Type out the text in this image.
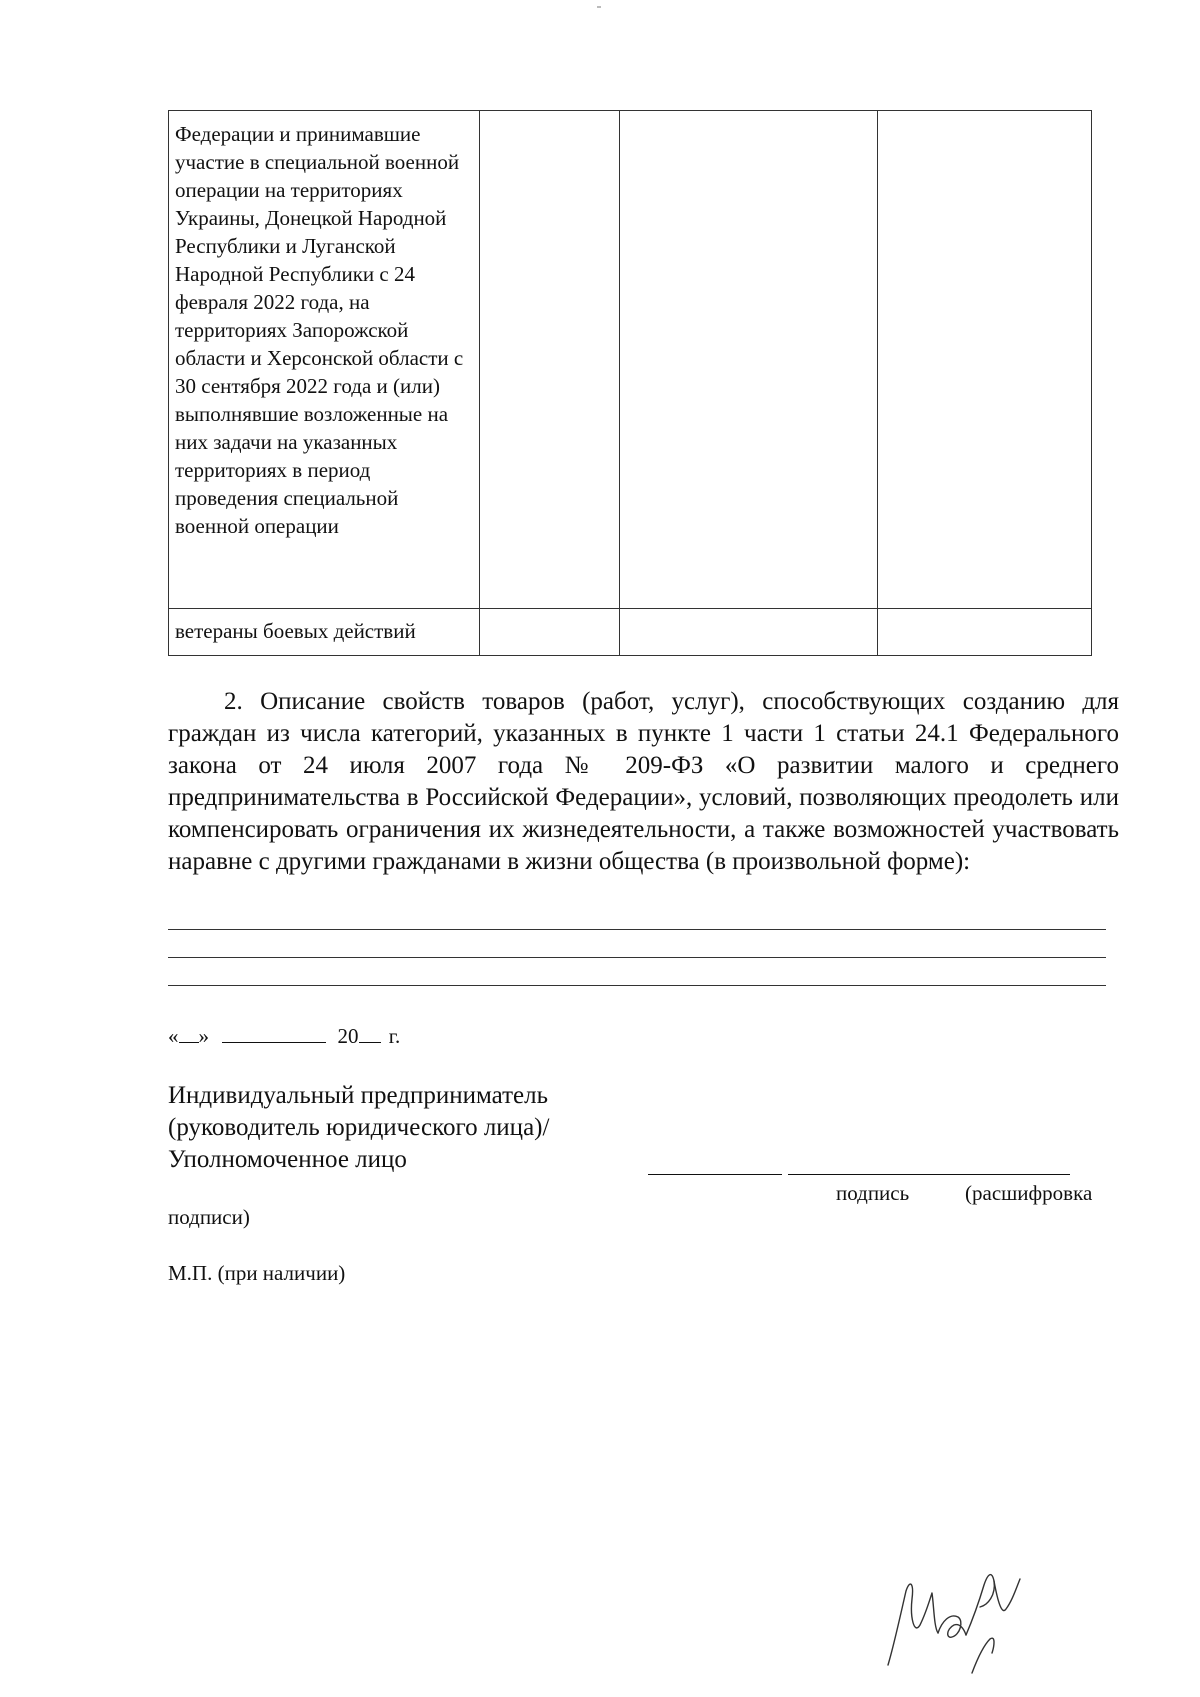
Федерации и принимавшие участие в специальной военной операции на территориях Украины, Донецкой Народной Республики и Луганской Народной Республики с 24 февраля 2022 года, на территориях Запорожской области и Херсонской области с 30 сентября 2022 года и (или) выполнявшие возложенные на них задачи на указанных территориях в период проведения специальной военной операции			

ветераны боевых действий			

2. Описание свойств товаров (работ, услуг), способствующих созданию для граждан из числа категорий, указанных в пункте 1 части 1 статьи 24.1 Федерального закона от 24 июля 2007 года № 209-ФЗ «О развитии малого и среднего предпринимательства в Российской Федерации», условий, позволяющих преодолеть или компенсировать ограничения их жизнедеятельности, а также возможностей участвовать наравне с другими гражданами в жизни общества (в произвольной форме):
« »	20 г.
Индивидуальный предприниматель
(руководитель юридического лица)/
Уполномоченное лицо
подпись	(расшифровка
подписи)
М.П. (при наличии)
